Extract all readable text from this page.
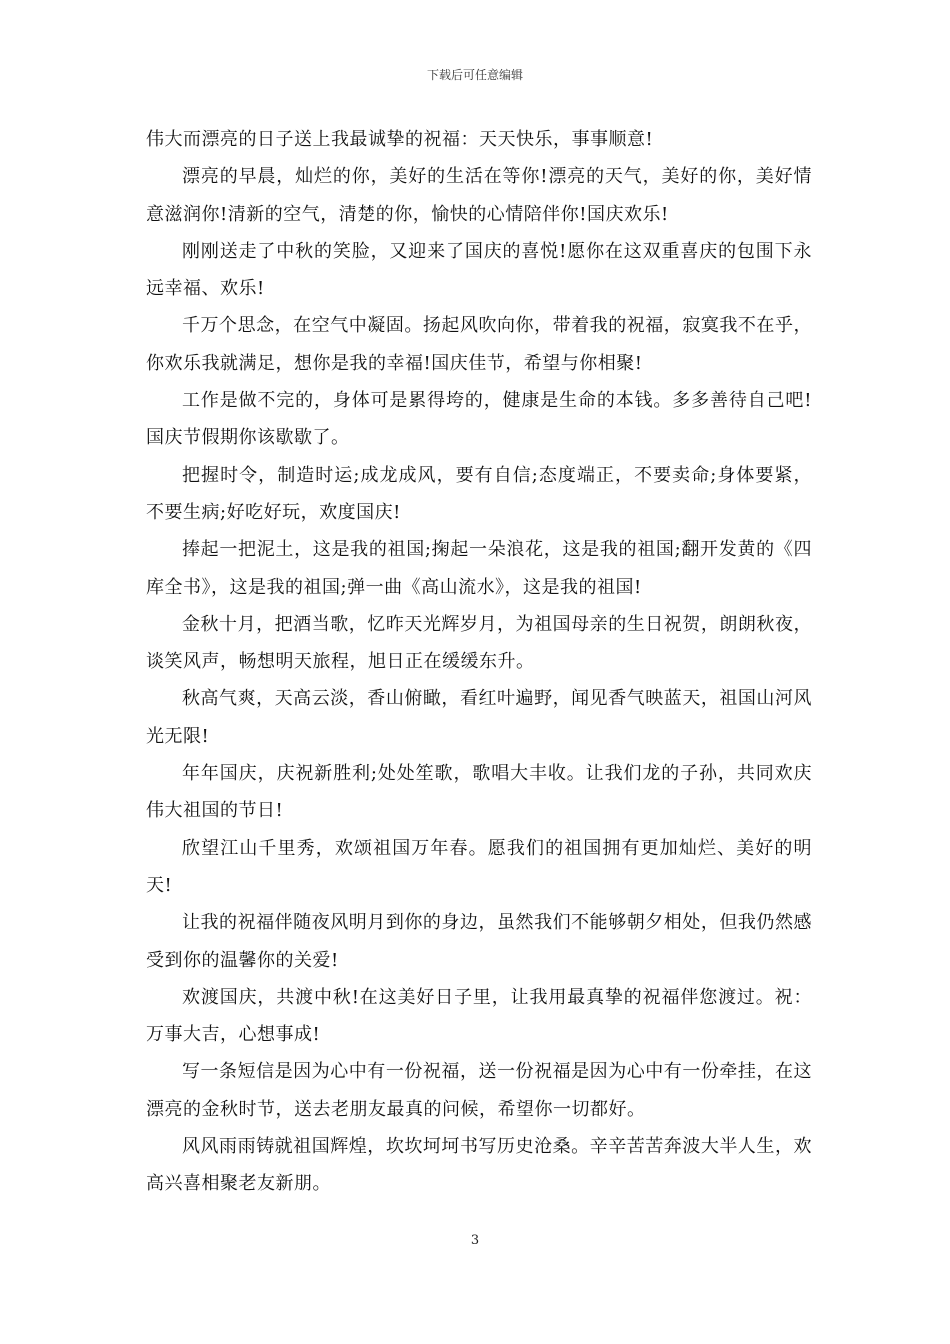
下载后可任意编辑

伟大而漂亮的日子送上我最诚挚的祝福：天天快乐，事事顺意!

漂亮的早晨，灿烂的你，美好的生活在等你!漂亮的天气，美好的你，美好情意滋润你!清新的空气，清楚的你，愉快的心情陪伴你!国庆欢乐!

刚刚送走了中秋的笑脸，又迎来了国庆的喜悦!愿你在这双重喜庆的包围下永远幸福、欢乐!

千万个思念，在空气中凝固。扬起风吹向你，带着我的祝福，寂寞我不在乎，你欢乐我就满足，想你是我的幸福!国庆佳节，希望与你相聚!

工作是做不完的，身体可是累得垮的，健康是生命的本钱。多多善待自己吧!国庆节假期你该歇歇了。

把握时令，制造时运;成龙成风，要有自信;态度端正，不要卖命;身体要紧，不要生病;好吃好玩，欢度国庆!

捧起一把泥土，这是我的祖国;掬起一朵浪花，这是我的祖国;翻开发黄的《四库全书》，这是我的祖国;弹一曲《高山流水》，这是我的祖国!

金秋十月，把酒当歌，忆昨天光辉岁月，为祖国母亲的生日祝贺，朗朗秋夜，谈笑风声，畅想明天旅程，旭日正在缓缓东升。

秋高气爽，天高云淡，香山俯瞰，看红叶遍野，闻见香气映蓝天，祖国山河风光无限!

年年国庆，庆祝新胜利;处处笙歌，歌唱大丰收。让我们龙的子孙，共同欢庆伟大祖国的节日!

欣望江山千里秀，欢颂祖国万年春。愿我们的祖国拥有更加灿烂、美好的明天!

让我的祝福伴随夜风明月到你的身边，虽然我们不能够朝夕相处，但我仍然感受到你的温馨你的关爱!

欢渡国庆，共渡中秋!在这美好日子里，让我用最真挚的祝福伴您渡过。祝：万事大吉，心想事成!

写一条短信是因为心中有一份祝福，送一份祝福是因为心中有一份牵挂，在这漂亮的金秋时节，送去老朋友最真的问候，希望你一切都好。

风风雨雨铸就祖国辉煌，坎坎坷坷书写历史沧桑。辛辛苦苦奔波大半人生，欢高兴喜相聚老友新朋。

3
